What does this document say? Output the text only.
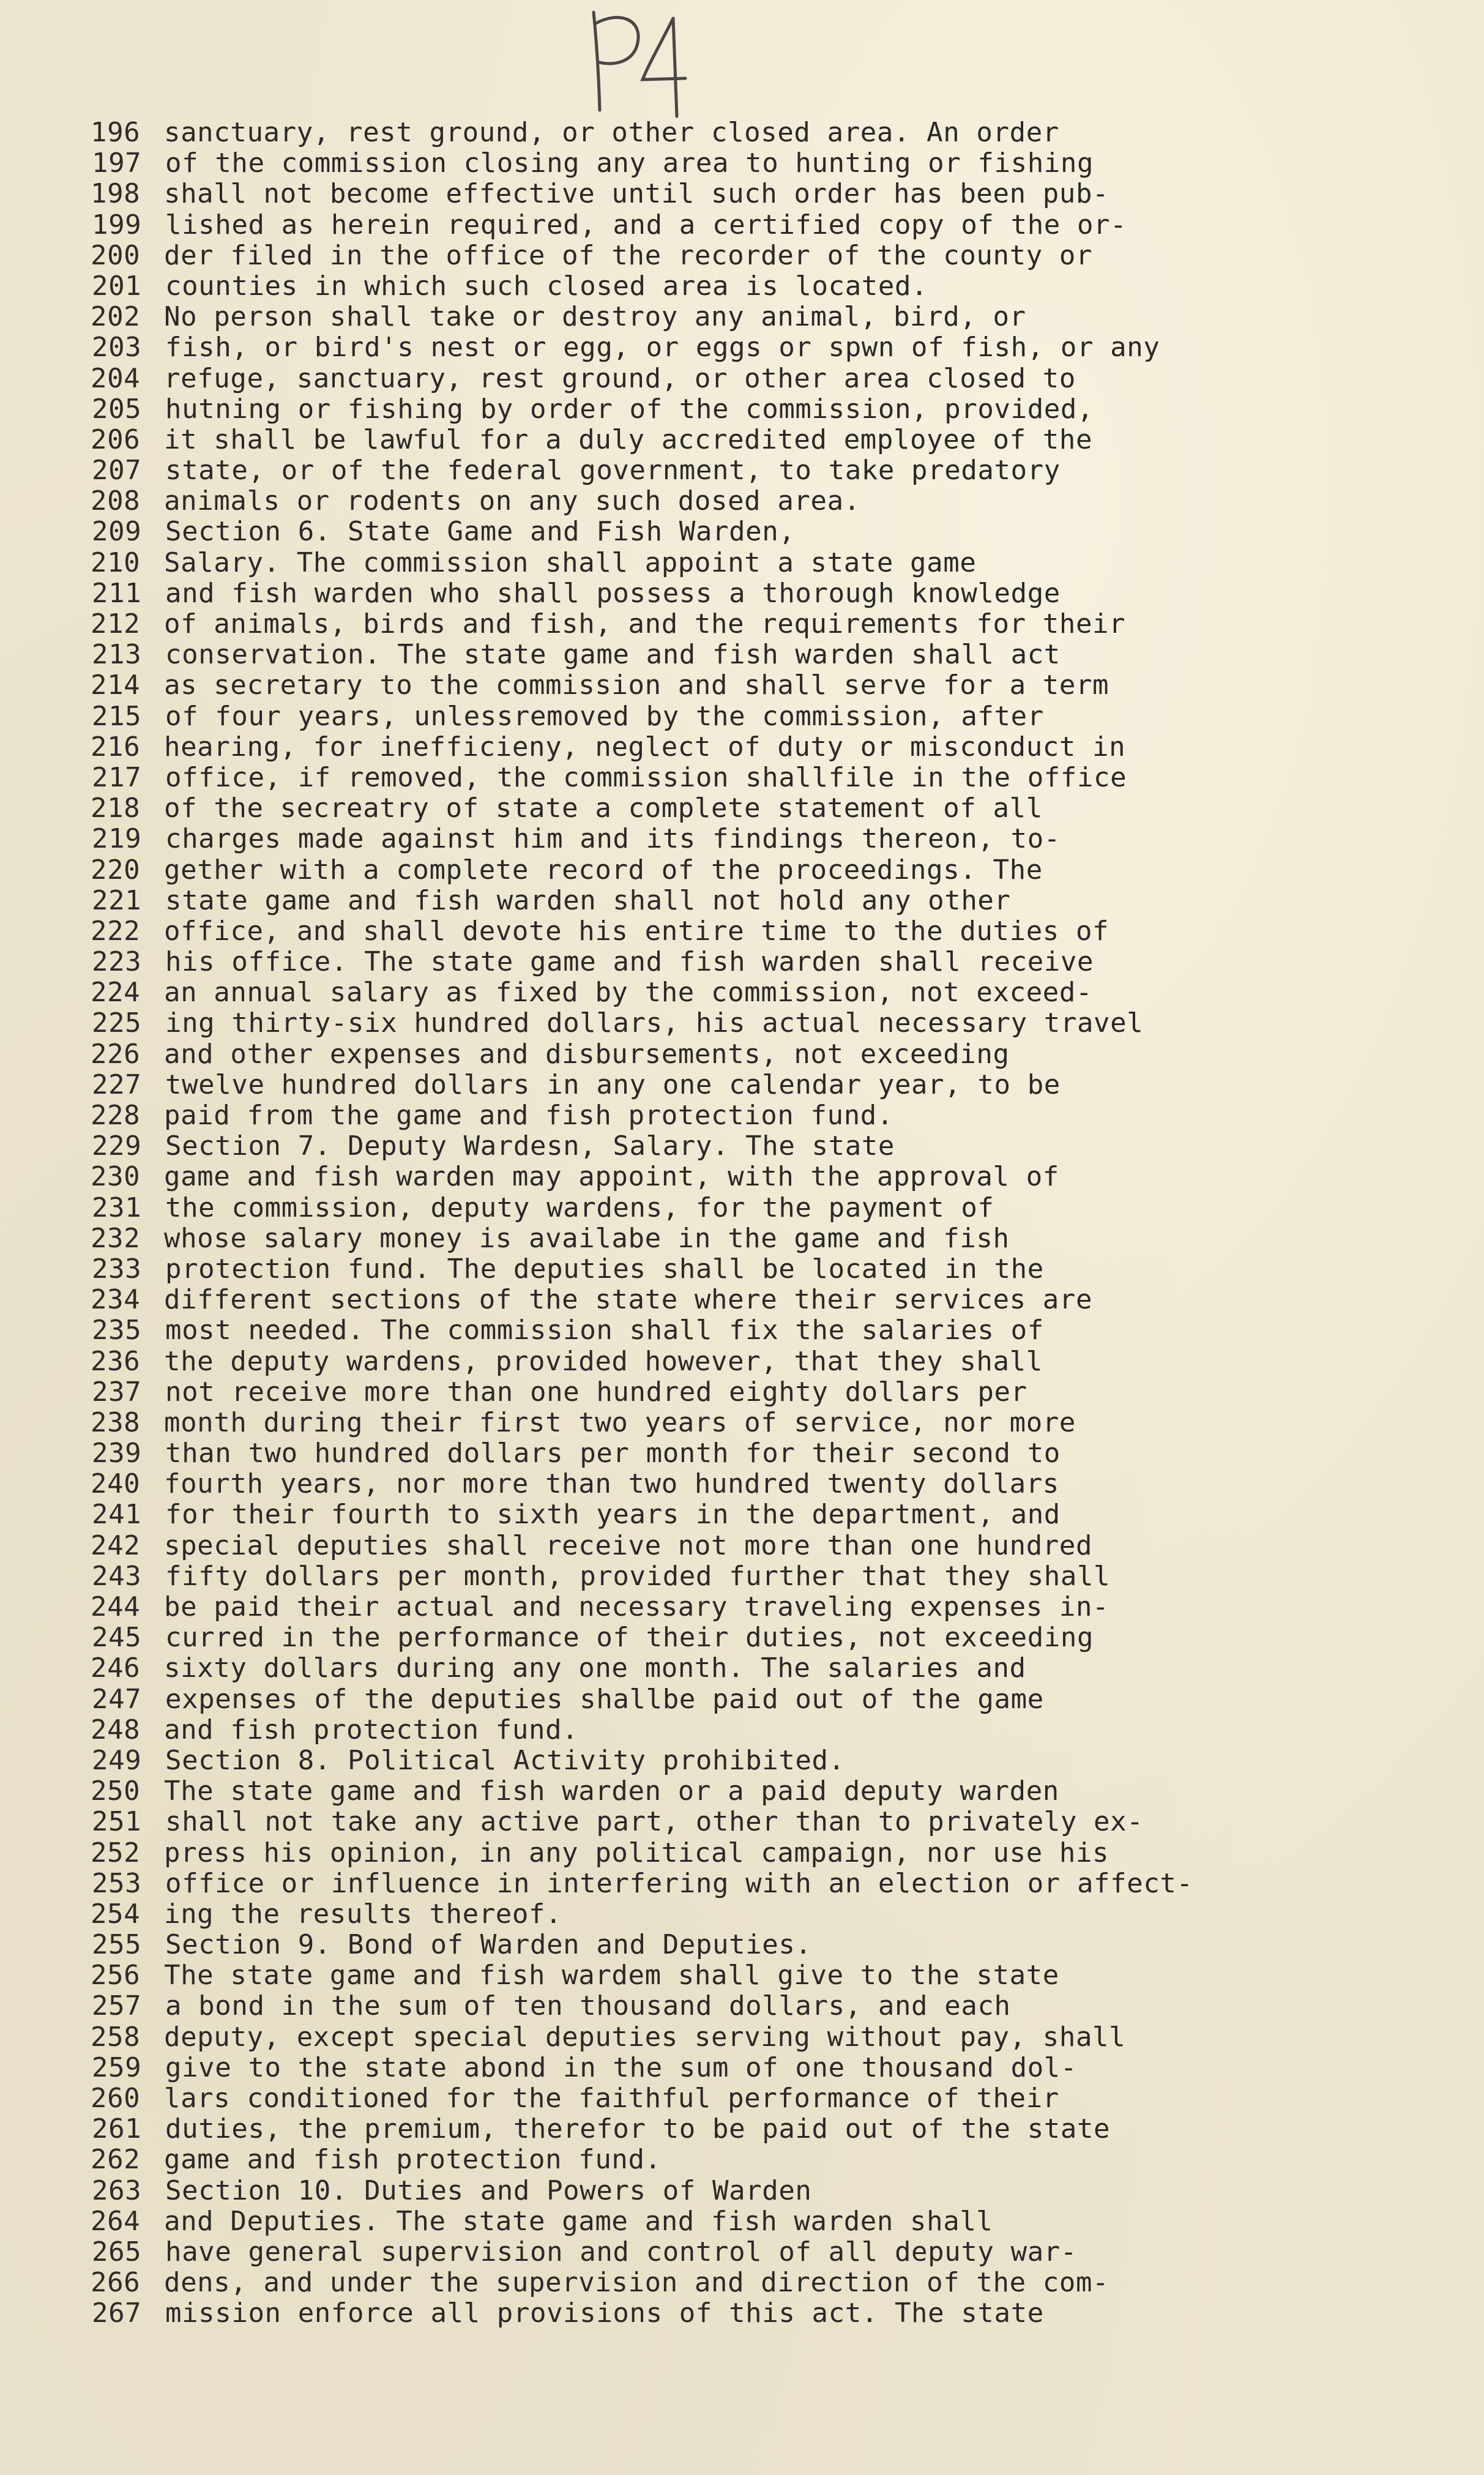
196 sanctuary, rest ground, or other closed area. An order
197 of the commission closing any area to hunting or fishing
198 shall not become effective until such order has been pub-
199 lished as herein required, and a certified copy of the or-
200 der filed in the office of the recorder of the county or
201 counties in which such closed area is located.
202 No person shall take or destroy any animal, bird, or
203 fish, or bird's nest or egg, or eggs or spwn of fish, or any
204 refuge, sanctuary, rest ground, or other area closed to
205 hutning or fishing by order of the commission, provided,
206 it shall be lawful for a duly accredited employee of the
207 state, or of the federal government, to take predatory
208 animals or rodents on any such dosed area.
209 Section 6. State Game and Fish Warden,
210 Salary. The commission shall appoint a state game
211 and fish warden who shall possess a thorough knowledge
212 of animals, birds and fish, and the requirements for their
213 conservation. The state game and fish warden shall act
214 as secretary to the commission and shall serve for a term
215 of four years, unlessremoved by the commission, after
216 hearing, for inefficieny, neglect of duty or misconduct in
217 office, if removed, the commission shallfile in the office
218 of the secreatry of state a complete statement of all
219 charges made against him and its findings thereon, to-
220 gether with a complete record of the proceedings. The
221 state game and fish warden shall not hold any other
222 office, and shall devote his entire time to the duties of
223 his office. The state game and fish warden shall receive
224 an annual salary as fixed by the commission, not exceed-
225 ing thirty-six hundred dollars, his actual necessary travel
226 and other expenses and disbursements, not exceeding
227 twelve hundred dollars in any one calendar year, to be
228 paid from the game and fish protection fund.
229 Section 7. Deputy Wardesn, Salary. The state
230 game and fish warden may appoint, with the approval of
231 the commission, deputy wardens, for the payment of
232 whose salary money is availabe in the game and fish
233 protection fund. The deputies shall be located in the
234 different sections of the state where their services are
235 most needed. The commission shall fix the salaries of
236 the deputy wardens, provided however, that they shall
237 not receive more than one hundred eighty dollars per
238 month during their first two years of service, nor more
239 than two hundred dollars per month for their second to
240 fourth years, nor more than two hundred twenty dollars
241 for their fourth to sixth years in the department, and
242 special deputies shall receive not more than one hundred
243 fifty dollars per month, provided further that they shall
244 be paid their actual and necessary traveling expenses in-
245 curred in the performance of their duties, not exceeding
246 sixty dollars during any one month. The salaries and
247 expenses of the deputies shallbe paid out of the game
248 and fish protection fund.
249 Section 8. Political Activity prohibited.
250 The state game and fish warden or a paid deputy warden
251 shall not take any active part, other than to privately ex-
252 press his opinion, in any political campaign, nor use his
253 office or influence in interfering with an election or affect-
254 ing the results thereof.
255 Section 9. Bond of Warden and Deputies.
256 The state game and fish wardem shall give to the state
257 a bond in the sum of ten thousand dollars, and each
258 deputy, except special deputies serving without pay, shall
259 give to the state abond in the sum of one thousand dol-
260 lars conditioned for the faithful performance of their
261 duties, the premium, therefor to be paid out of the state
262 game and fish protection fund.
263 Section 10. Duties and Powers of Warden
264 and Deputies. The state game and fish warden shall
265 have general supervision and control of all deputy war-
266 dens, and under the supervision and direction of the com-
267 mission enforce all provisions of this act. The state
